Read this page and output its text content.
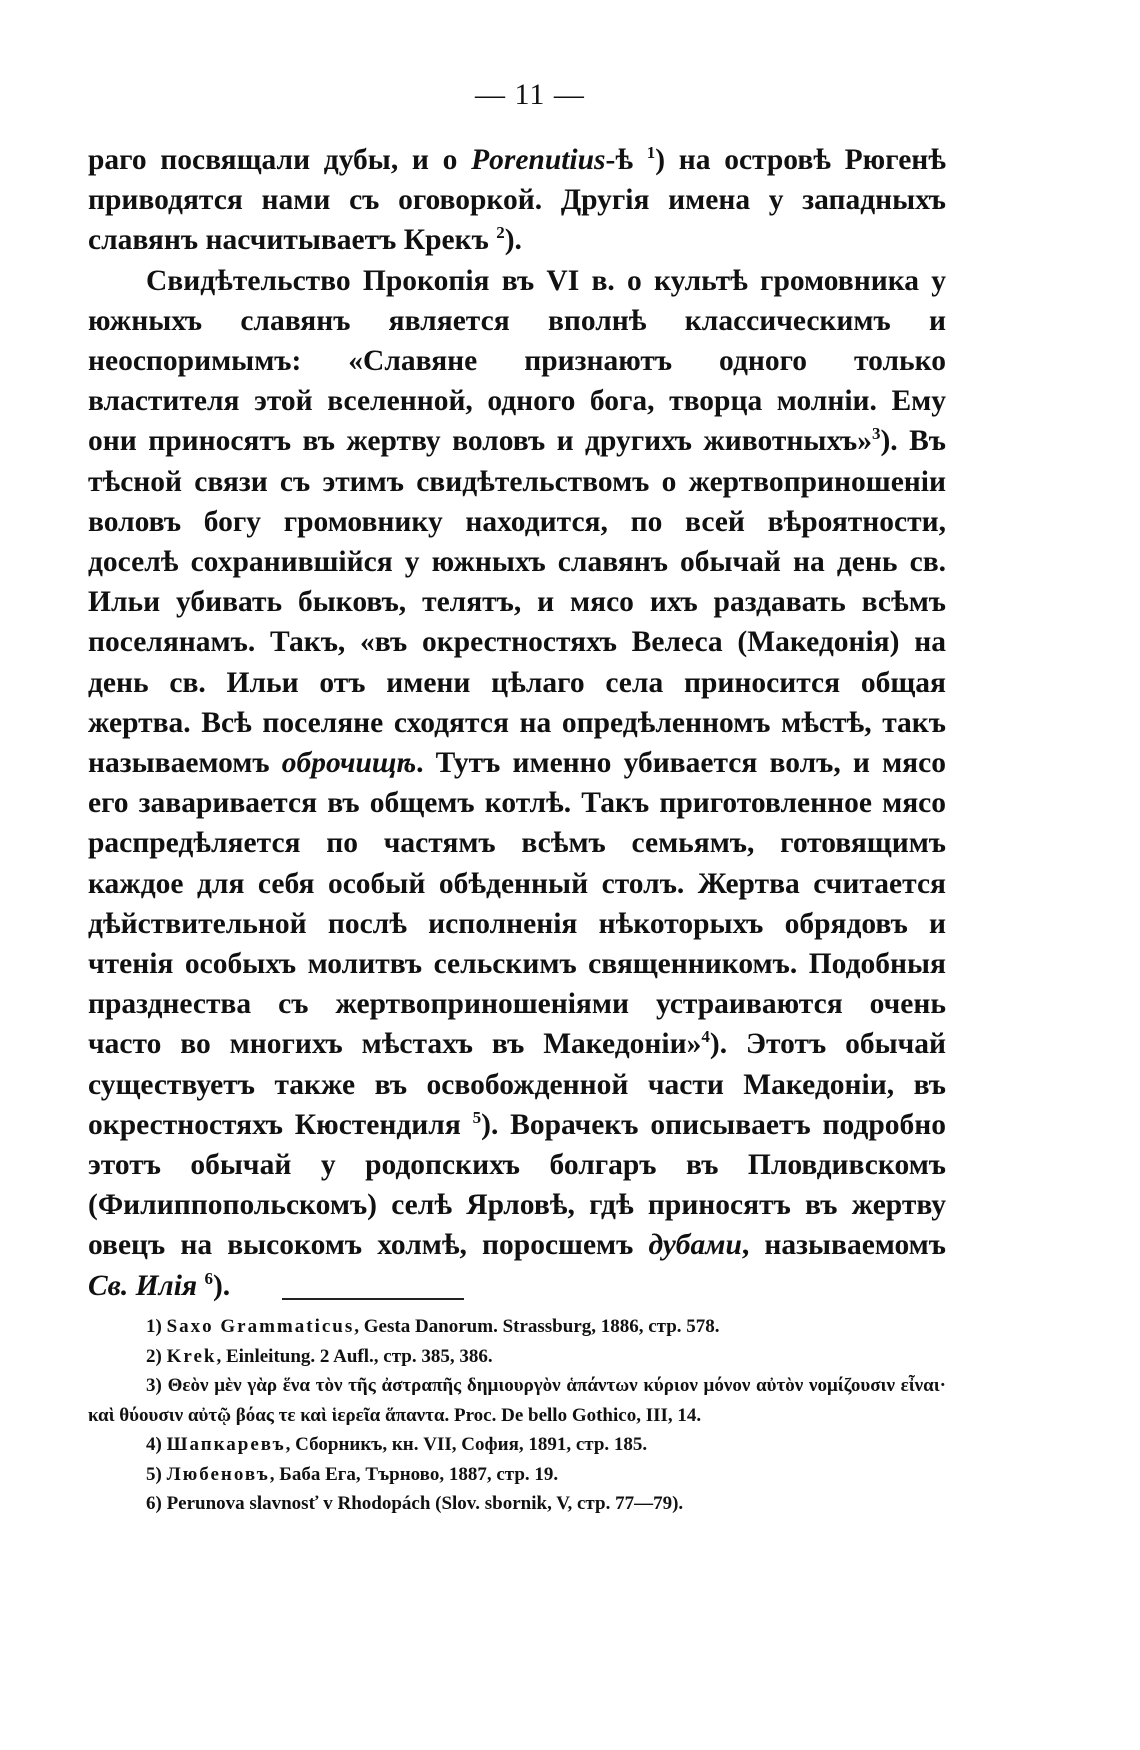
— 11 —

раго посвящали дубы, и о Porenutius-ѣ $^1$) на островѣ Рюгенѣ приводятся нами съ оговоркой. Другія имена у западныхъ славянъ насчитываетъ Крекъ $^2$).

Свидѣтельство Прокопія въ VI в. о культѣ громовника у южныхъ славянъ является вполнѣ классическимъ и неоспоримымъ: «Славяне признаютъ одного только властителя этой вселенной, одного бога, творца молніи. Ему они приносятъ въ жертву воловъ и другихъ животныхъ»$^3$). Въ тѣсной связи съ этимъ свидѣтельствомъ о жертвоприношеніи воловъ богу громовнику находится, по всей вѣроятности, доселѣ сохранившійся у южныхъ славянъ обычай на день св. Ильи убивать быковъ, телятъ, и мясо ихъ раздавать всѣмъ поселянамъ. Такъ, «въ окрестностяхъ Велеса (Македонія) на день св. Ильи отъ имени цѣлаго села приносится общая жертва. Всѣ поселяне сходятся на опредѣленномъ мѣстѣ, такъ называемомъ оброчищѣ. Тутъ именно убивается волъ, и мясо его заваривается въ общемъ котлѣ. Такъ приготовленное мясо распредѣляется по частямъ всѣмъ семьямъ, готовящимъ каждое для себя особый обѣденный столъ. Жертва считается дѣйствительной послѣ исполненія нѣкоторыхъ обрядовъ и чтенія особыхъ молитвъ сельскимъ священникомъ. Подобныя празднества съ жертвоприношеніями устраиваются очень часто во многихъ мѣстахъ въ Македоніи»$^4$). Этотъ обычай существуетъ также въ освобожденной части Македоніи, въ окрестностяхъ Кюстендиля $^5$). Ворачекъ описываетъ подробно этотъ обычай у родопскихъ болгаръ въ Пловдивскомъ (Филиппопольскомъ) селѣ Ярловѣ, гдѣ приносятъ въ жертву овецъ на высокомъ холмѣ, поросшемъ дубами, называемомъ Св. Илія $^6$).

1) Saxo Grammaticus, Gesta Danorum. Strassburg, 1886, стр. 578.

2) Krek, Einleitung. 2 Aufl., стр. 385, 386.

3) Θεὸν μὲν γὰρ ἕνα τὸν τῆς ἀστραπῆς δημιουργὸν ἁπάντων κύριον μόνον αὐτὸν νομίζουσιν εἶναι· καὶ θύουσιν αὐτῷ βόας τε καὶ ἱερεῖα ἅπαντα. Proc. De bello Gothico, III, 14.

4) Шапкаревъ, Сборникъ, кн. VII, София, 1891, стр. 185.

5) Любеновъ, Баба Ега, Търново, 1887, стр. 19.

6) Perunova slavnosť v Rhodopách (Slov. sbornik, V, стр. 77—79).
